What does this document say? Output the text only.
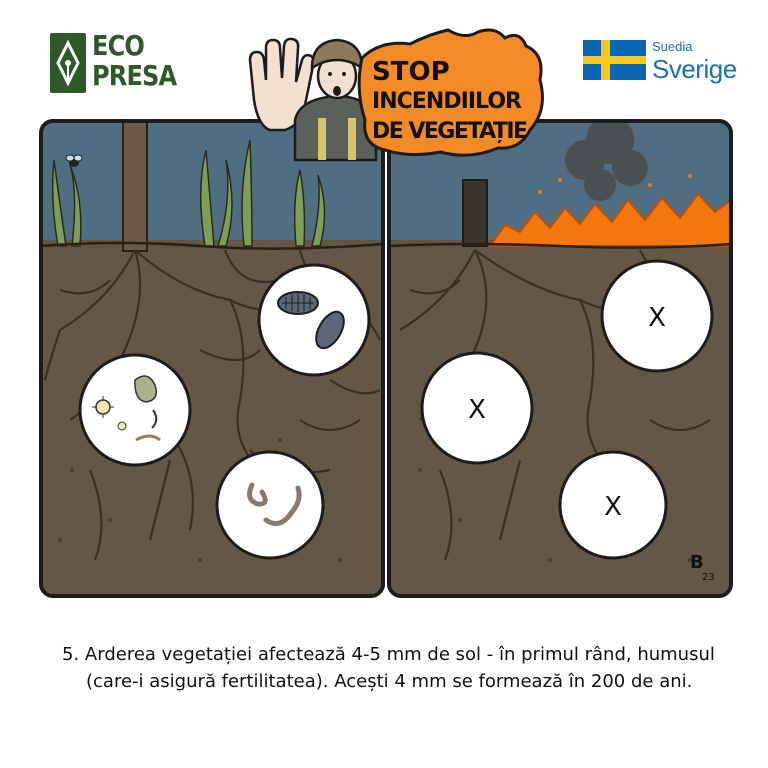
ECO
PRESA
Suedia
Sverige
X
X
X
B
23
STOP
INCENDIILOR
DE VEGETAȚIE
5. Arderea vegetației afectează 4-5 mm de sol - în primul rând, humusul (care-i asigură fertilitatea). Acești 4 mm se formează în 200 de ani.
